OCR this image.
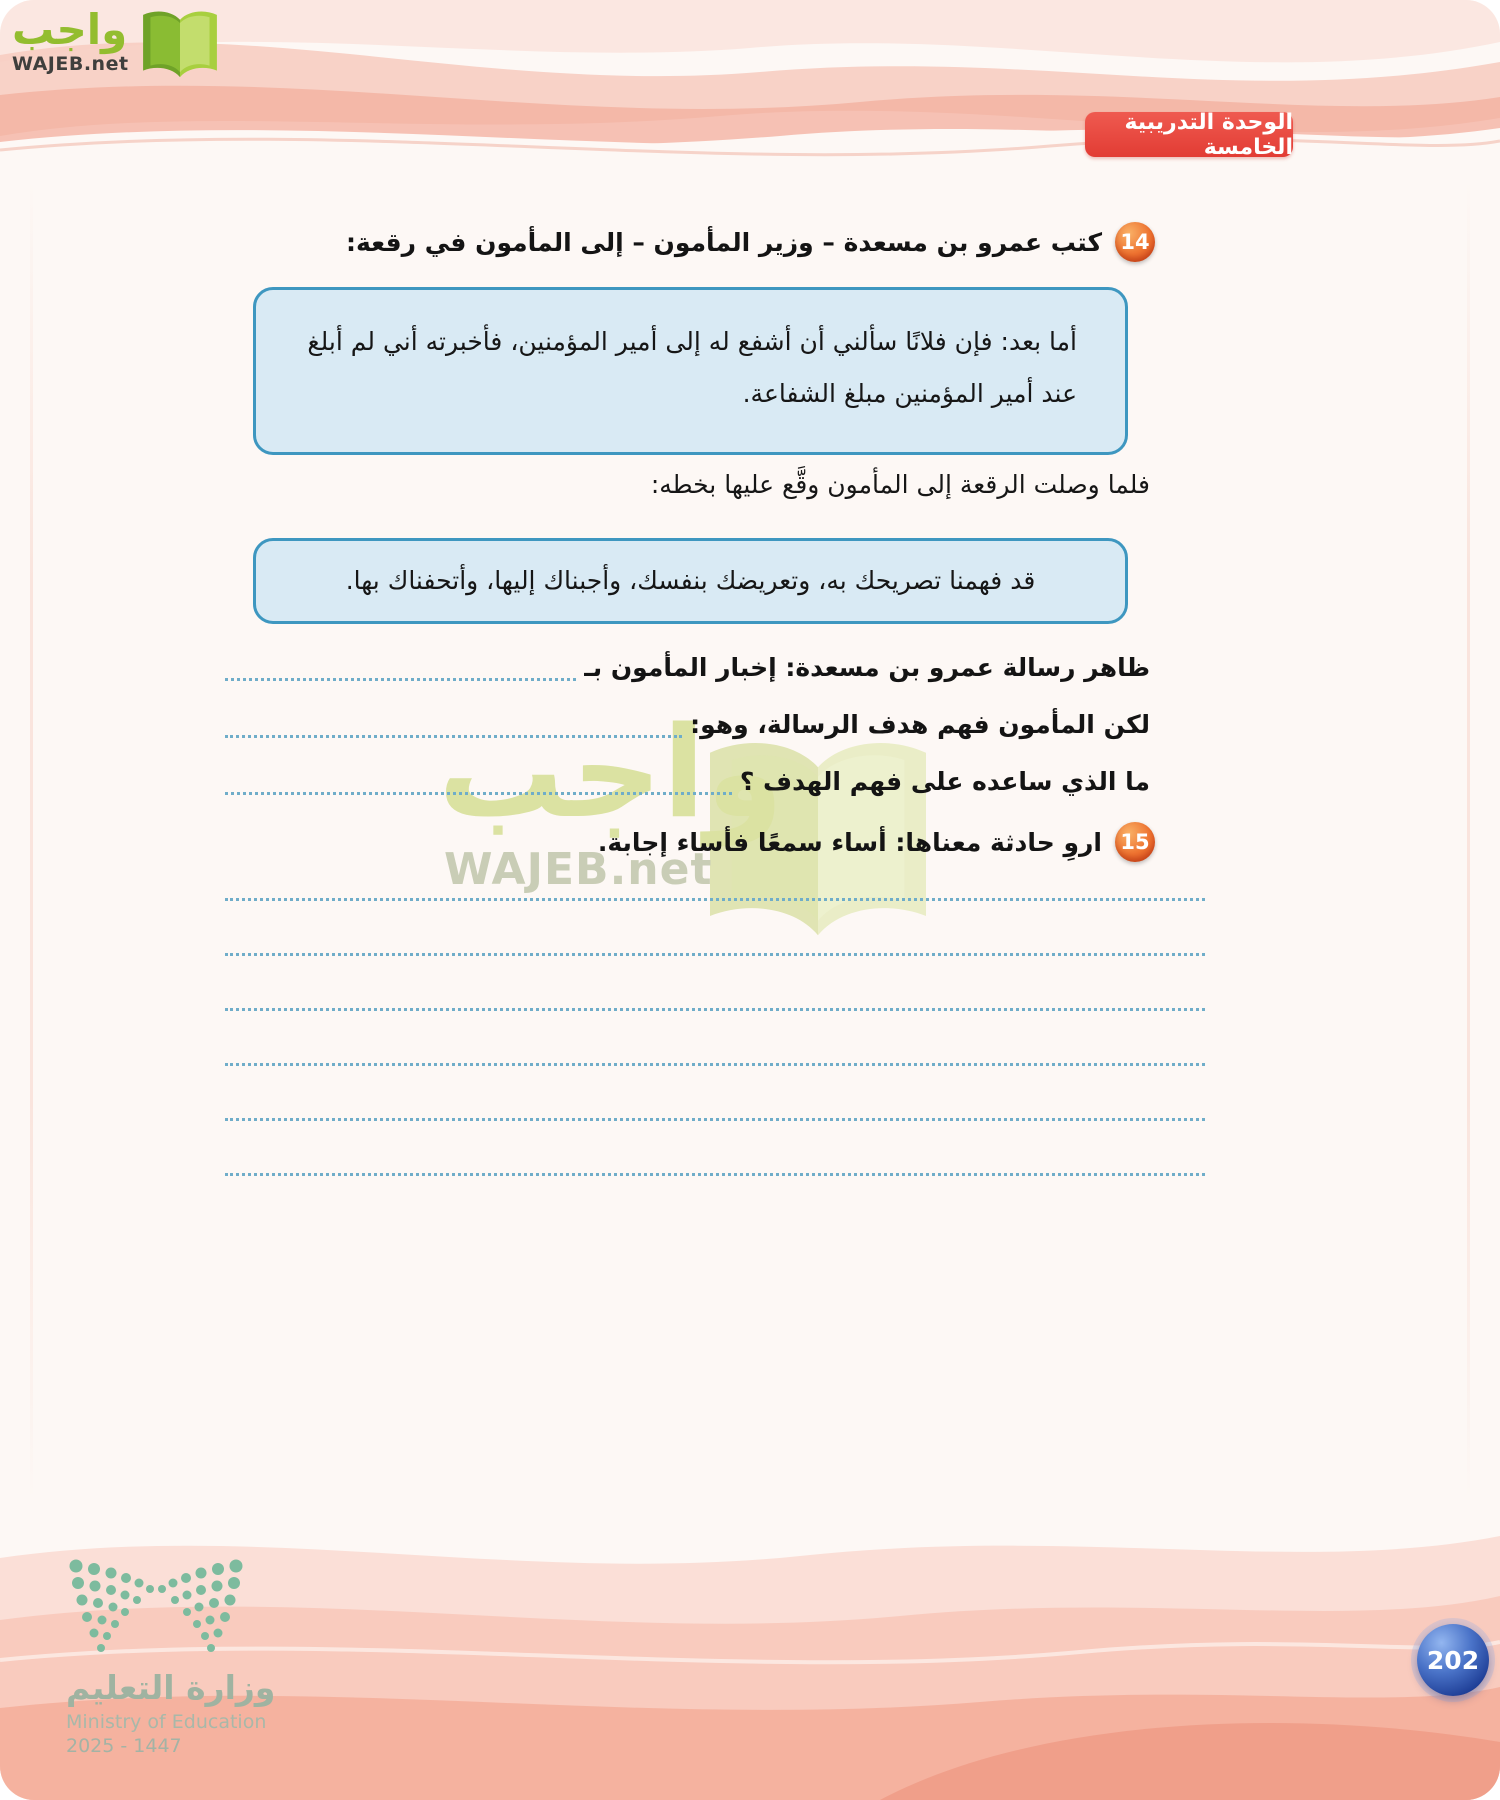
واجب
WAJEB.net
الوحدة التدريبية الخامسة
واجب
WAJEB.net
14
كتب عمرو بن مسعدة – وزير المأمون – إلى المأمون في رقعة:
أما بعد: فإن فلانًا سألني أن أشفع له إلى أمير المؤمنين، فأخبرته أني لم أبلغ عند أمير المؤمنين مبلغ الشفاعة.
فلما وصلت الرقعة إلى المأمون وقَّع عليها بخطه:
قد فهمنا تصريحك به، وتعريضك بنفسك، وأجبناك إليها، وأتحفناك بها.
ظاهر رسالة عمرو بن مسعدة: إخبار المأمون بـ
لكن المأمون فهم هدف الرسالة، وهو:
ما الذي ساعده على فهم الهدف ؟
15
اروِ حادثة معناها: أساء سمعًا فأساء إجابة.
وزارة التعليم
Ministry of Education
2025 - 1447
202
